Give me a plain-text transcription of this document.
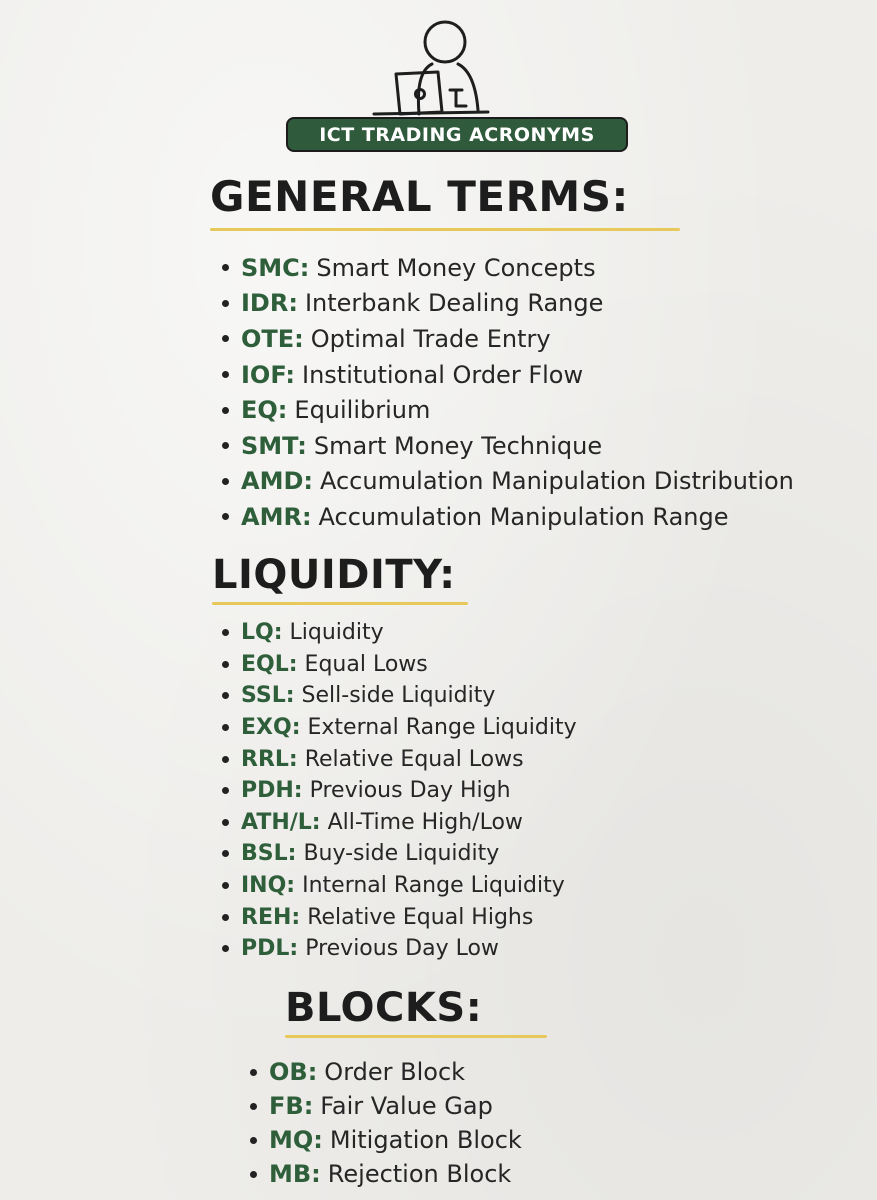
ICT TRADING ACRONYMS
GENERAL TERMS:
SMC: Smart Money Concepts
IDR: Interbank Dealing Range
OTE: Optimal Trade Entry
IOF: Institutional Order Flow
EQ: Equilibrium
SMT: Smart Money Technique
AMD: Accumulation Manipulation Distribution
AMR: Accumulation Manipulation Range
LIQUIDITY:
LQ: Liquidity
EQL: Equal Lows
SSL: Sell-side Liquidity
EXQ: External Range Liquidity
RRL: Relative Equal Lows
PDH: Previous Day High
ATH/L: All-Time High/Low
BSL: Buy-side Liquidity
INQ: Internal Range Liquidity
REH: Relative Equal Highs
PDL: Previous Day Low
BLOCKS:
OB: Order Block
FB: Fair Value Gap
MQ: Mitigation Block
MB: Rejection Block
